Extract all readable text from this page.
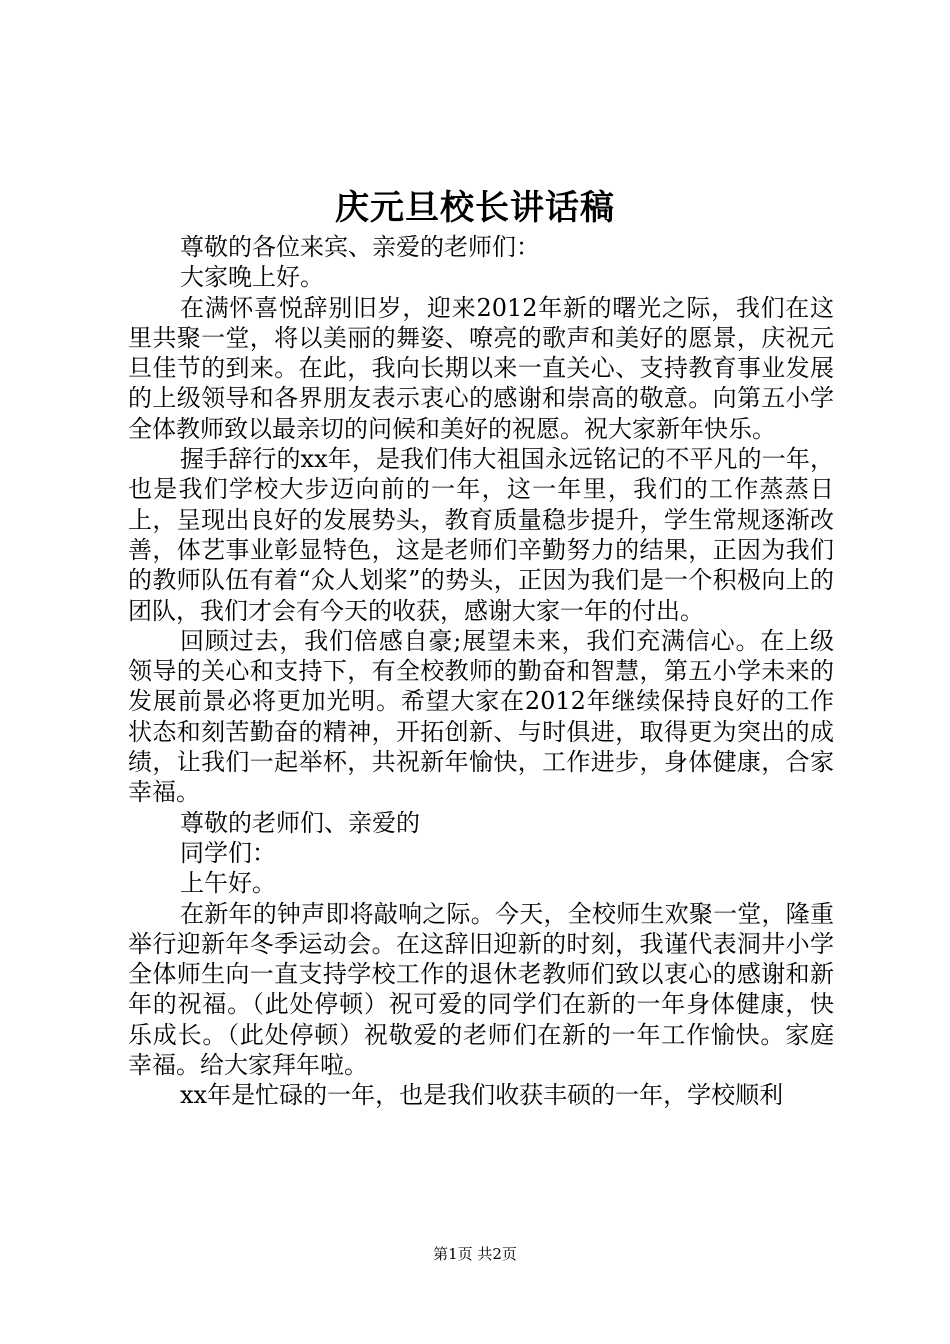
庆元旦校长讲话稿

尊敬的各位来宾、亲爱的老师们：

大家晚上好。

在满怀喜悦辞别旧岁，迎来2012年新的曙光之际，我们在这里共聚一堂，将以美丽的舞姿、嘹亮的歌声和美好的愿景，庆祝元旦佳节的到来。在此，我向长期以来一直关心、支持教育事业发展的上级领导和各界朋友表示衷心的感谢和崇高的敬意。向第五小学全体教师致以最亲切的问候和美好的祝愿。祝大家新年快乐。

握手辞行的xx年，是我们伟大祖国永远铭记的不平凡的一年，也是我们学校大步迈向前的一年，这一年里，我们的工作蒸蒸日上，呈现出良好的发展势头，教育质量稳步提升，学生常规逐渐改善，体艺事业彰显特色，这是老师们辛勤努力的结果，正因为我们的教师队伍有着“众人划桨”的势头，正因为我们是一个积极向上的团队，我们才会有今天的收获，感谢大家一年的付出。

回顾过去，我们倍感自豪;展望未来，我们充满信心。在上级领导的关心和支持下，有全校教师的勤奋和智慧，第五小学未来的发展前景必将更加光明。希望大家在2012年继续保持良好的工作状态和刻苦勤奋的精神，开拓创新、与时俱进，取得更为突出的成绩，让我们一起举杯，共祝新年愉快，工作进步，身体健康，合家幸福。

尊敬的老师们、亲爱的

同学们：

上午好。

在新年的钟声即将敲响之际。今天，全校师生欢聚一堂，隆重举行迎新年冬季运动会。在这辞旧迎新的时刻，我谨代表洞井小学全体师生向一直支持学校工作的退休老教师们致以衷心的感谢和新年的祝福。（此处停顿）祝可爱的同学们在新的一年身体健康，快乐成长。（此处停顿）祝敬爱的老师们在新的一年工作愉快。家庭幸福。给大家拜年啦。

xx年是忙碌的一年，也是我们收获丰硕的一年，学校顺利

第1页 共2页
